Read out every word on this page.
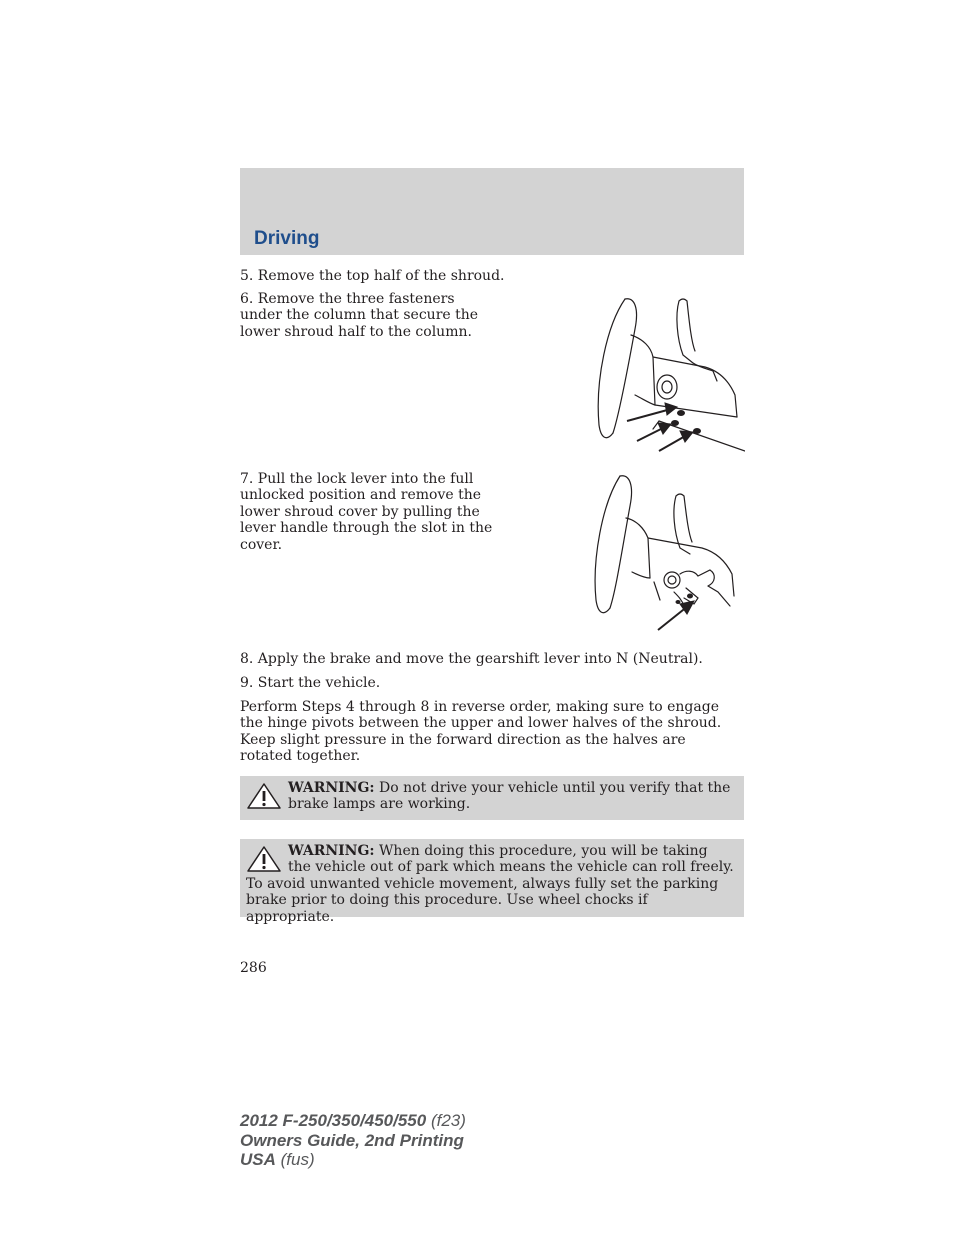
Driving

5. Remove the top half of the shroud.

6. Remove the three fasteners under the column that secure the lower shroud half to the column.

7. Pull the lock lever into the full unlocked position and remove the lower shroud cover by pulling the lever handle through the slot in the cover.

8. Apply the brake and move the gearshift lever into N (Neutral).

9. Start the vehicle.

Perform Steps 4 through 8 in reverse order, making sure to engage the hinge pivots between the upper and lower halves of the shroud. Keep slight pressure in the forward direction as the halves are rotated together.

WARNING: Do not drive your vehicle until you verify that the brake lamps are working.

WARNING: When doing this procedure, you will be taking the vehicle out of park which means the vehicle can roll freely. To avoid unwanted vehicle movement, always fully set the parking brake prior to doing this procedure. Use wheel chocks if appropriate.

286

2012 F-250/350/450/550 (f23)
Owners Guide, 2nd Printing
USA (fus)
